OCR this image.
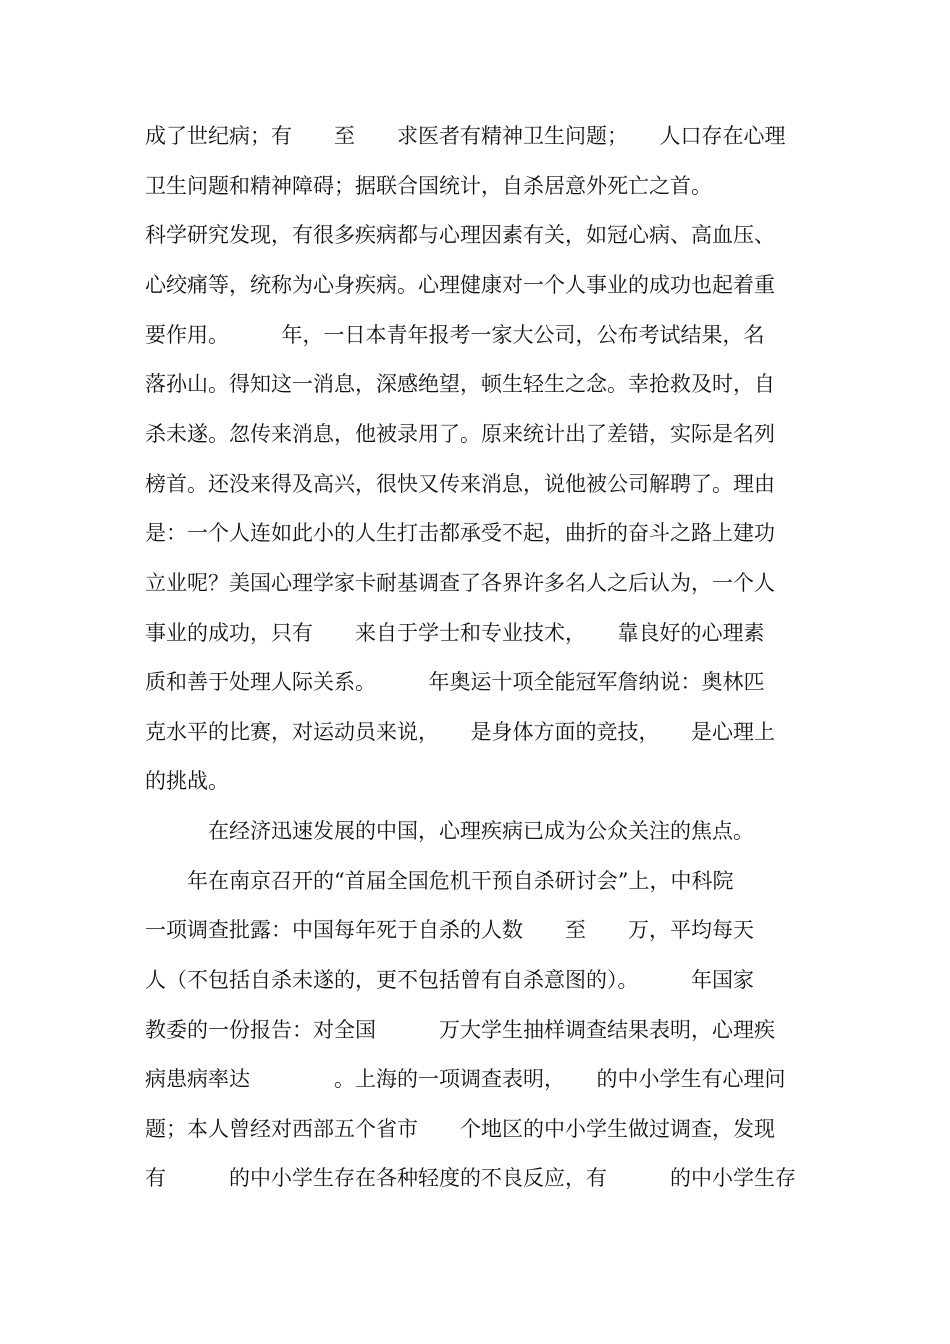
成了世纪病；有　　至　　求医者有精神卫生问题；　　人口存在心理
卫生问题和精神障碍；据联合国统计，自杀居意外死亡之首。
科学研究发现，有很多疾病都与心理因素有关，如冠心病、高血压、
心绞痛等，统称为心身疾病。心理健康对一个人事业的成功也起着重
要作用。　　　年，一日本青年报考一家大公司，公布考试结果，名
落孙山。得知这一消息，深感绝望，顿生轻生之念。幸抢救及时，自
杀未遂。忽传来消息，他被录用了。原来统计出了差错，实际是名列
榜首。还没来得及高兴，很快又传来消息，说他被公司解聘了。理由
是：一个人连如此小的人生打击都承受不起，曲折的奋斗之路上建功
立业呢？美国心理学家卡耐基调查了各界许多名人之后认为，一个人
事业的成功，只有　　来自于学士和专业技术，　　靠良好的心理素
质和善于处理人际关系。　　　年奥运十项全能冠军詹纳说：奥林匹
克水平的比赛，对运动员来说，　　是身体方面的竞技，　　是心理上
的挑战。
　　　在经济迅速发展的中国，心理疾病已成为公众关注的焦点。
　　年在南京召开的“首届全国危机干预自杀研讨会”上，中科院
一项调查批露：中国每年死于自杀的人数　　至　　万，平均每天
人（不包括自杀未遂的，更不包括曾有自杀意图的）。　　　年国家
教委的一份报告：对全国　　　万大学生抽样调查结果表明，心理疾
病患病率达　　　　。上海的一项调查表明，　　的中小学生有心理问
题；本人曾经对西部五个省市　　个地区的中小学生做过调查，发现
有　　　的中小学生存在各种轻度的不良反应，有　　　的中小学生存
